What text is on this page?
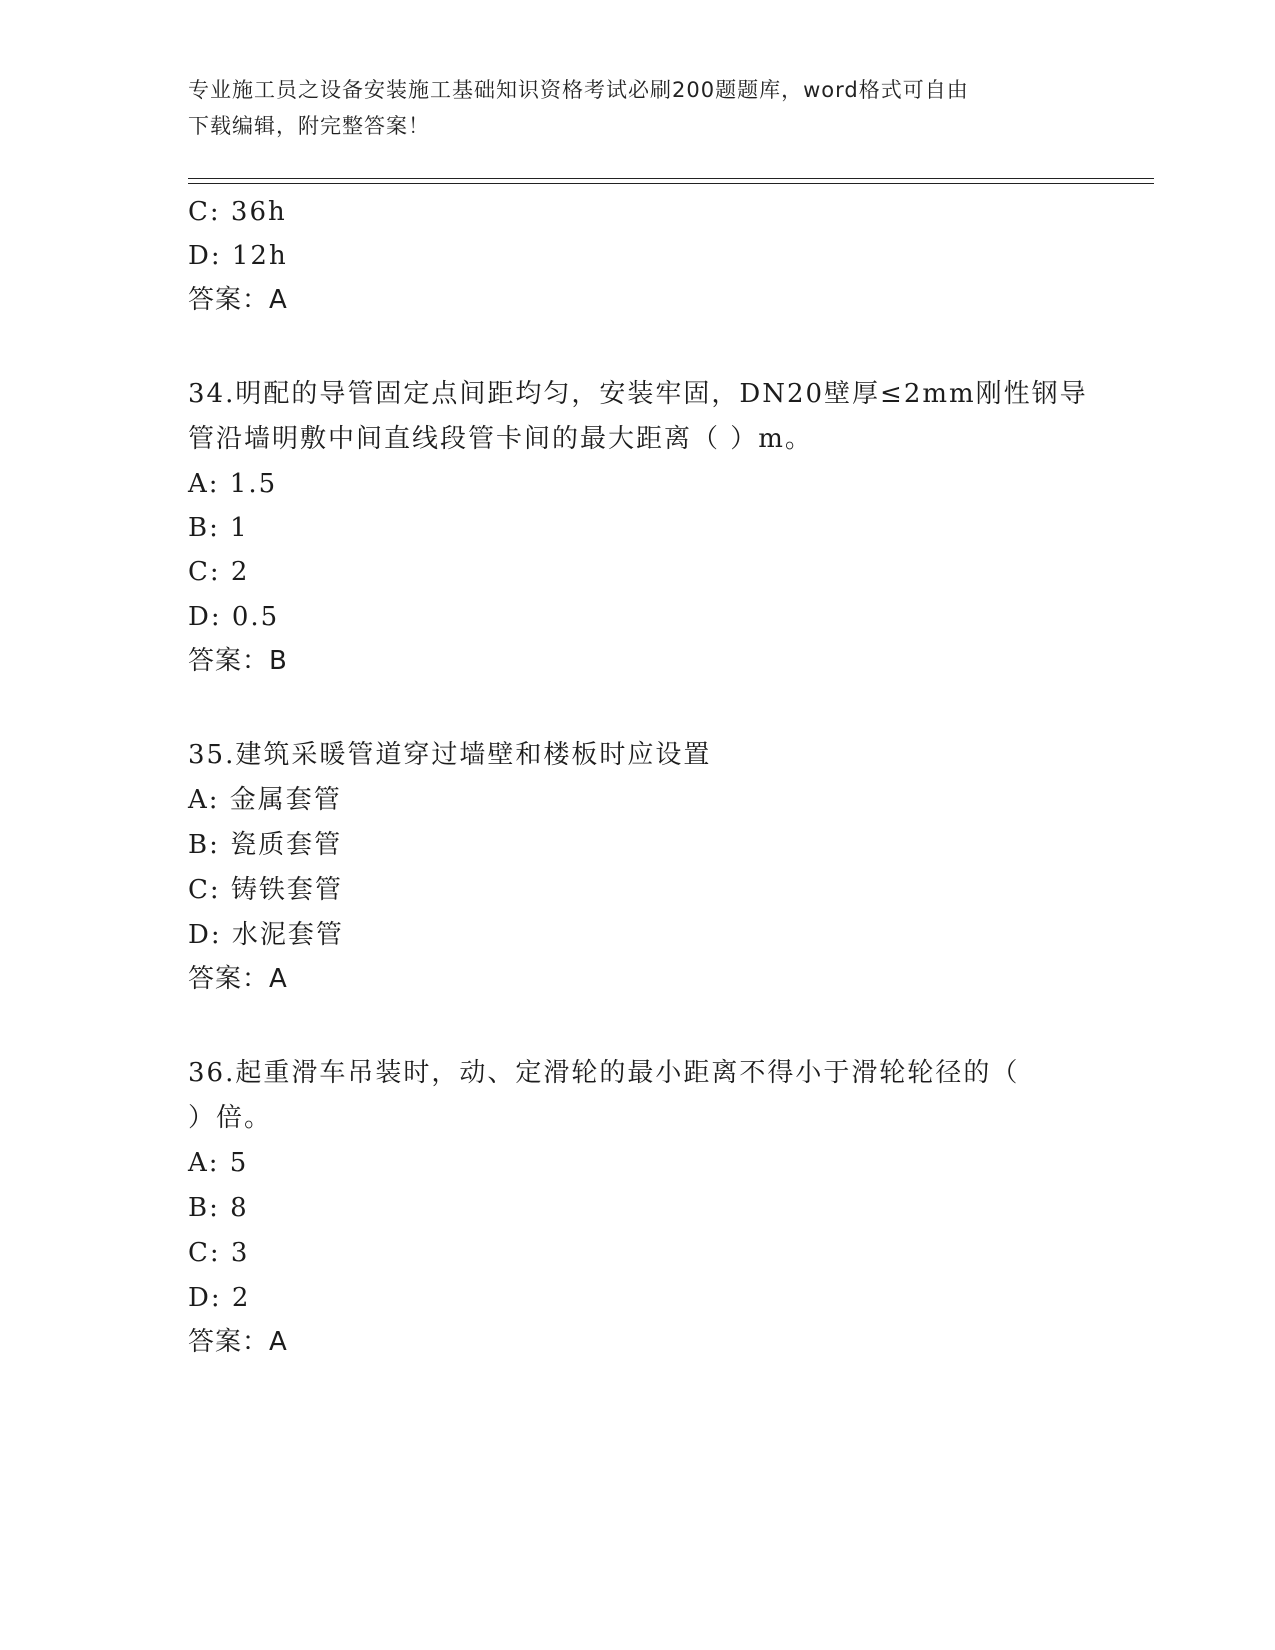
专业施工员之设备安装施工基础知识资格考试必刷200题题库，word格式可自由
下载编辑，附完整答案！
C: 36h
D: 12h
答案：A
34.明配的导管固定点间距均匀，安装牢固，DN20壁厚≤2mm刚性钢导
管沿墙明敷中间直线段管卡间的最大距离（ ）m。
A: 1.5
B: 1
C: 2
D: 0.5
答案：B
35.建筑采暖管道穿过墙壁和楼板时应设置
A: 金属套管
B: 瓷质套管
C: 铸铁套管
D: 水泥套管
答案：A
36.起重滑车吊装时，动、定滑轮的最小距离不得小于滑轮轮径的（
）倍。
A: 5
B: 8
C: 3
D: 2
答案：A
